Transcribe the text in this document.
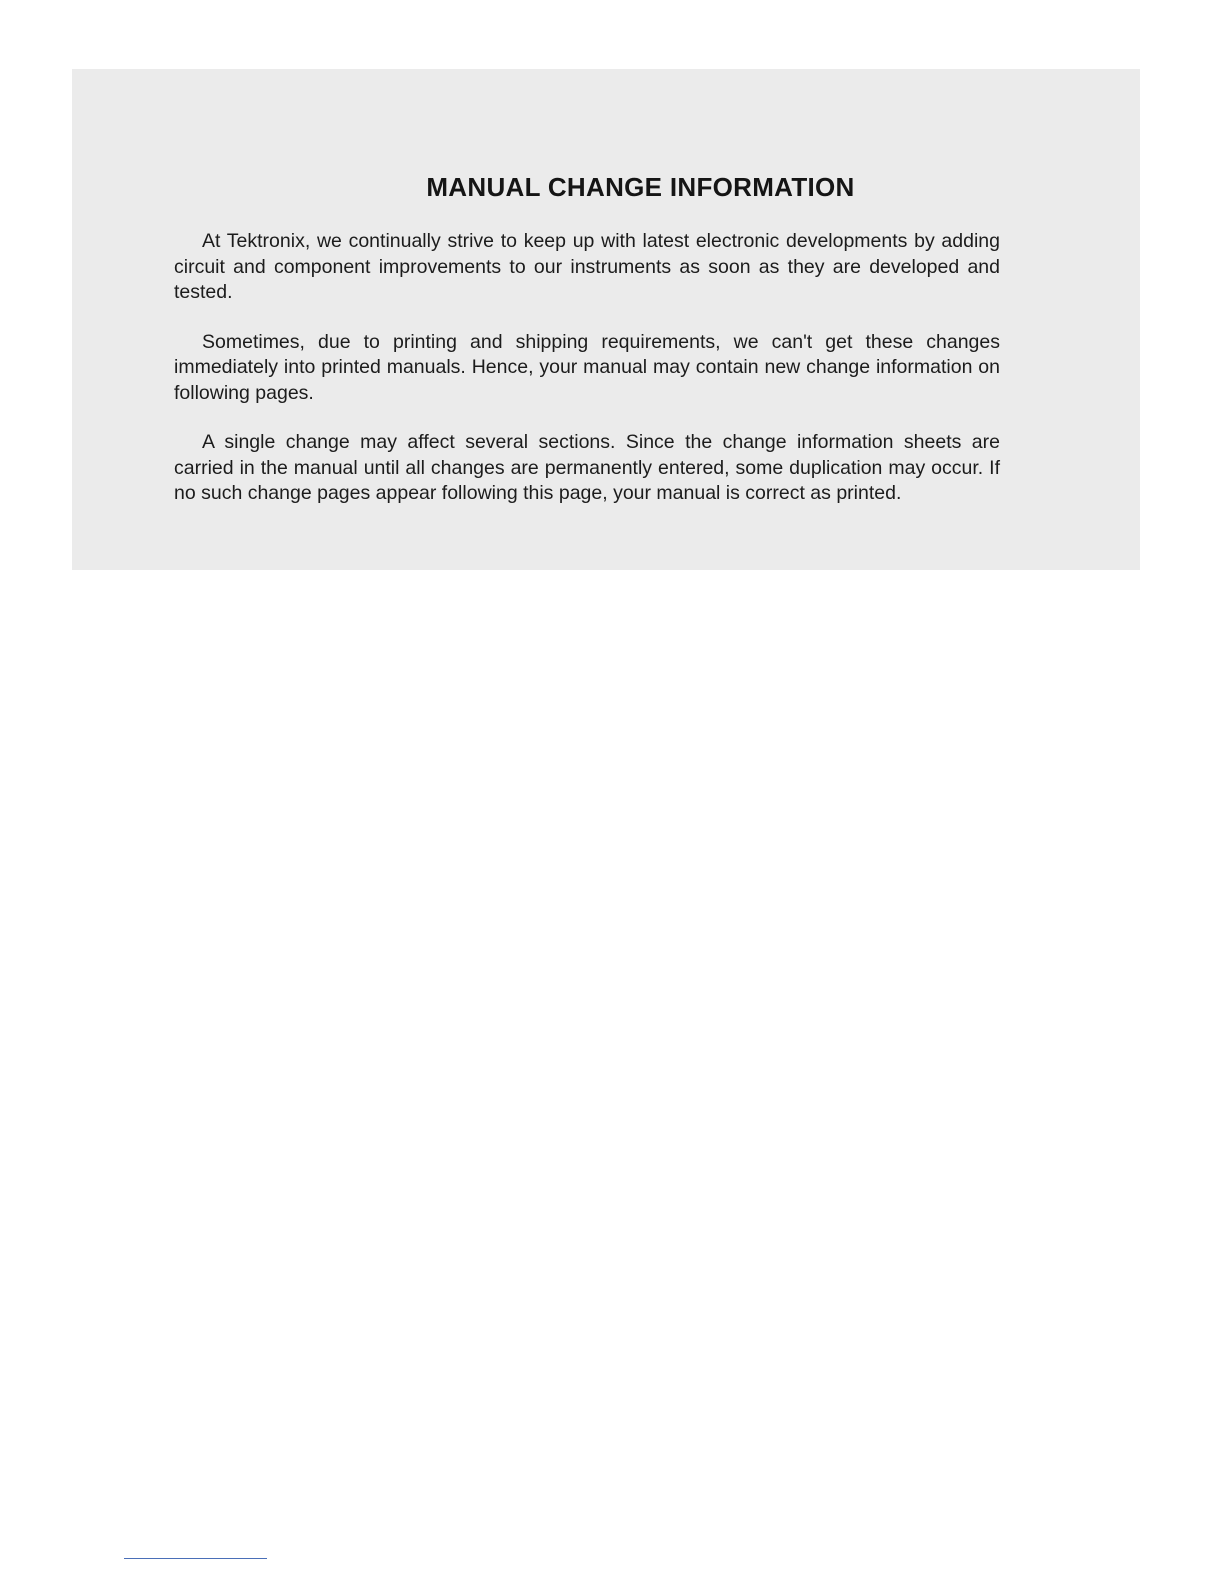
MANUAL CHANGE INFORMATION

At Tektronix, we continually strive to keep up with latest electronic developments by adding circuit and component improvements to our instruments as soon as they are developed and tested.

Sometimes, due to printing and shipping requirements, we can't get these changes immediately into printed manuals. Hence, your manual may contain new change information on following pages.

A single change may affect several sections. Since the change information sheets are carried in the manual until all changes are permanently entered, some duplication may occur. If no such change pages appear following this page, your manual is correct as printed.
